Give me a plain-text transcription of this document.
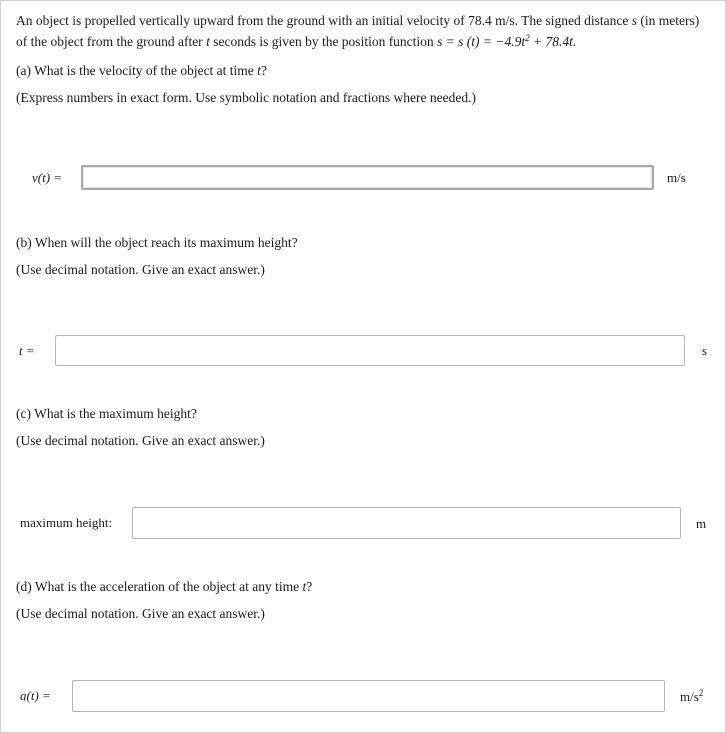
An object is propelled vertically upward from the ground with an initial velocity of 78.4 m/s. The signed distance s (in meters)
of the object from the ground after t seconds is given by the position function s = s $(t) = -4.9t^2 + 78.4t$.
(a) What is the velocity of the object at time t?
(Express numbers in exact form. Use symbolic notation and fractions where needed.)
v(t) =	m/s
(b) When will the object reach its maximum height?
(Use decimal notation. Give an exact answer.)
t =	s
(c) What is the maximum height?
(Use decimal notation. Give an exact answer.)
maximum height:	m
(d) What is the acceleration of the object at any time t?
(Use decimal notation. Give an exact answer.)
a(t) =	$m/s^2$
